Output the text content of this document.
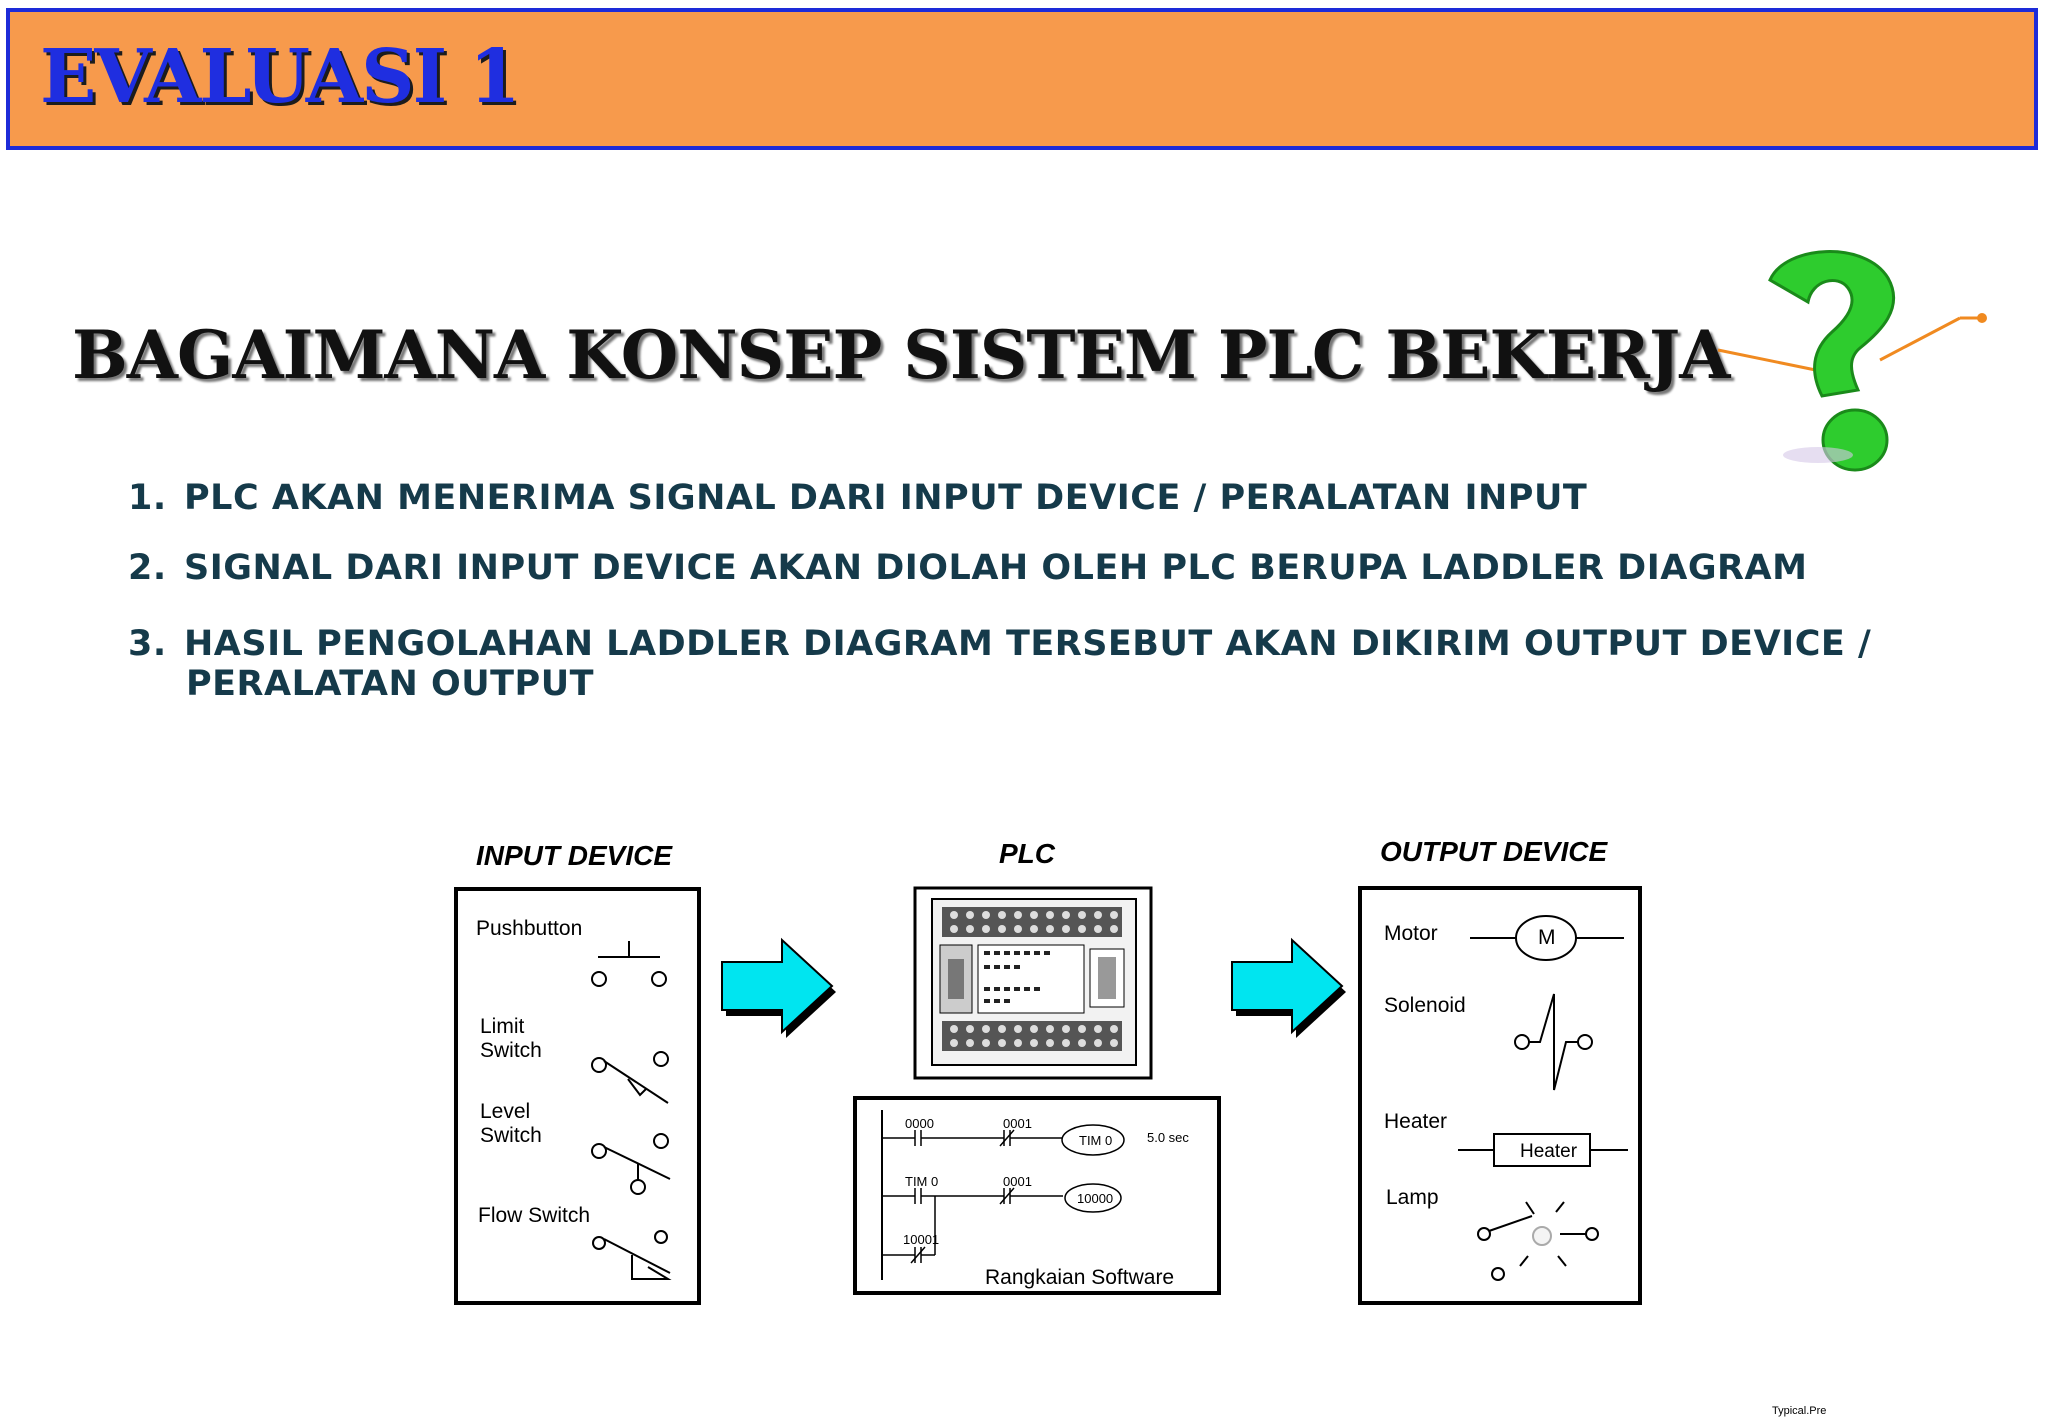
EVALUASI 1
BAGAIMANA KONSEP SISTEM PLC BEKERJA
1. PLC AKAN MENERIMA SIGNAL DARI INPUT DEVICE / PERALATAN INPUT
2. SIGNAL DARI INPUT DEVICE AKAN DIOLAH OLEH PLC BERUPA LADDLER DIAGRAM
3. HASIL PENGOLAHAN LADDLER DIAGRAM TERSEBUT AKAN DIKIRIM OUTPUT DEVICE /
PERALATAN OUTPUT
INPUT DEVICE	PLC	OUTPUT DEVICE
Pushbutton
Limit
Switch
Level
Switch
Flow Switch
0000	0001
TIM 0	5.0 sec
TIM 0	0001
10000
10001
Rangkaian Software
Motor
Solenoid
Heater
Lamp
M
Heater
Typical.Pre
